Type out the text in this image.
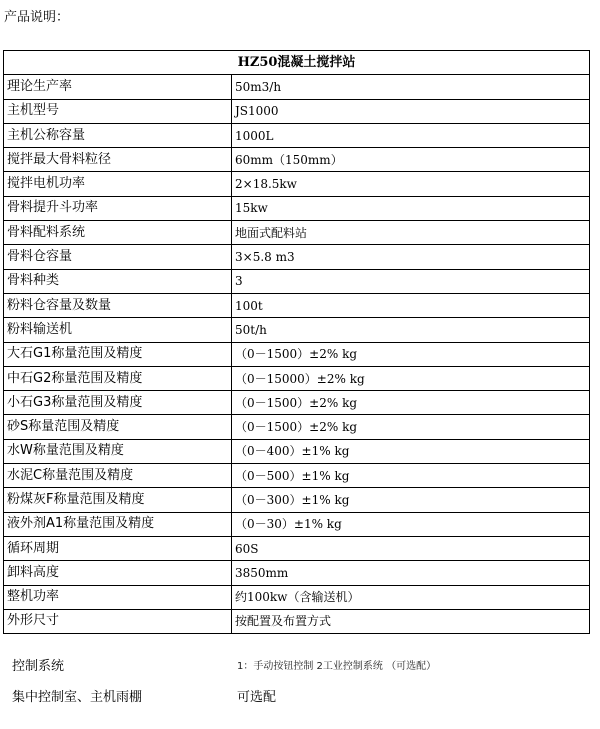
产品说明：
HZ50混凝土搅拌站	
理论生产率	50m3/h
主机型号	JS1000
主机公称容量	1000L
搅拌最大骨料粒径	60mm（150mm）
搅拌电机功率	2×18.5kw
骨料提升斗功率	15kw
骨料配料系统	地面式配料站
骨料仓容量	3×5.8 m3
骨料种类	3
粉料仓容量及数量	100t
粉料输送机	50t/h
大石G1称量范围及精度	（0－1500）±2% kg
中石G2称量范围及精度	（0－15000）±2% kg
小石G3称量范围及精度	（0－1500）±2% kg
砂S称量范围及精度	（0－1500）±2% kg
水W称量范围及精度	（0－400）±1% kg
水泥C称量范围及精度	（0－500）±1% kg
粉煤灰F称量范围及精度	（0－300）±1% kg
液外剂A1称量范围及精度	（0－30）±1% kg
循环周期	60S
卸料高度	3850mm
整机功率	约100kw（含输送机）
外形尺寸	按配置及布置方式
控制系统	1：手动按钮控制 2工业控制系统 （可选配）
集中控制室、主机雨棚	可选配
